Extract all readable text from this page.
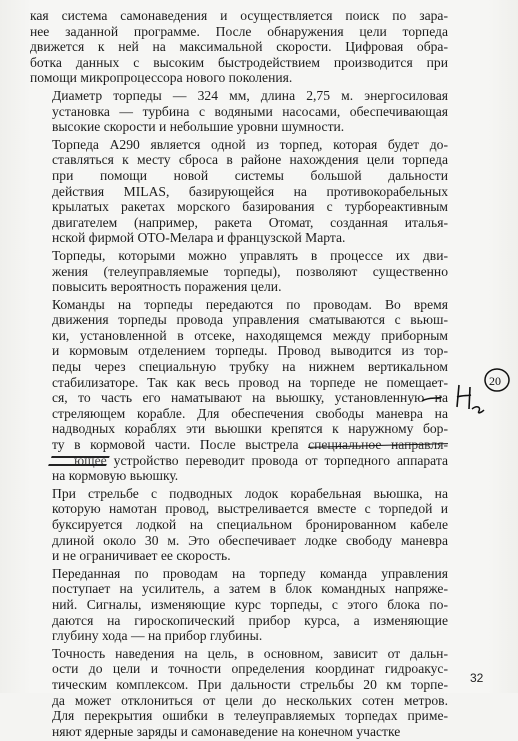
кая система самонаведения и осуществляется поиск по зара-
нее заданной программе. После обнаружения цели торпеда
движется к ней на максимальной скорости. Цифровая обра-
ботка данных с высоким быстродействием производится при
помощи микропроцессора нового поколения.

Диаметр торпеды — 324 мм, длина 2,75 м. энергосиловая
установка — турбина с водяными насосами, обеспечивающая
высокие скорости и небольшие уровни шумности.

Торпеда А290 является одной из торпед, которая будет до-
ставляться к месту сброса в районе нахождения цели торпеда
при помощи новой системы большой дальности
действия MILAS, базирующейся на противокорабельных
крылатых ракетах морского базирования с турбореактивным
двигателем (например, ракета Отомат, созданная италья-
нской фирмой ОТО-Мелара и французской Марта.

Торпеды, которыми можно управлять в процессе их дви-
жения (телеуправляемые торпеды), позволяют существенно
повысить вероятность поражения цели.

Команды на торпеды передаются по проводам. Во время
движения торпеды провода управления сматываются с вьюш-
ки, установленной в отсеке, находящемся между приборным
и кормовым отделением торпеды. Провод выводится из тор-
педы через специальную трубку на нижнем вертикальном
стабилизаторе. Так как весь провод на торпеде не помещает-
ся, то часть его наматывают на вьюшку, установленную на
стреляющем корабле. Для обеспечения свободы маневра на
надводных кораблях эти вьюшки крепятся к наружному бор-
ту в кормовой части. После выстрела специальное направля-
ющее устройство переводит провода от торпедного аппарата
на кормовую вьюшку.

При стрельбе с подводных лодок корабельная вьюшка, на
которую намотан провод, выстреливается вместе с торпедой и
буксируется лодкой на специальном бронированном кабеле
длиной около 30 м. Это обеспечивает лодке свободу маневра
и не ограничивает ее скорость.

Переданная по проводам на торпеду команда управления
поступает на усилитель, а затем в блок командных напряже-
ний. Сигналы, изменяющие курс торпеды, с этого блока по-
даются на гироскопический прибор курса, а изменяющие
глубину хода — на прибор глубины.

Точность наведения на цель, в основном, зависит от дальн-
ости до цели и точности определения координат гидроакус-
тическим комплексом. При дальности стрельбы 20 км торпе-
да может отклониться от цели до нескольких сотен метров.
Для перекрытия ошибки в телеуправляемых торпедах приме-
няют ядерные заряды и самонаведение на конечном участке

20
32
